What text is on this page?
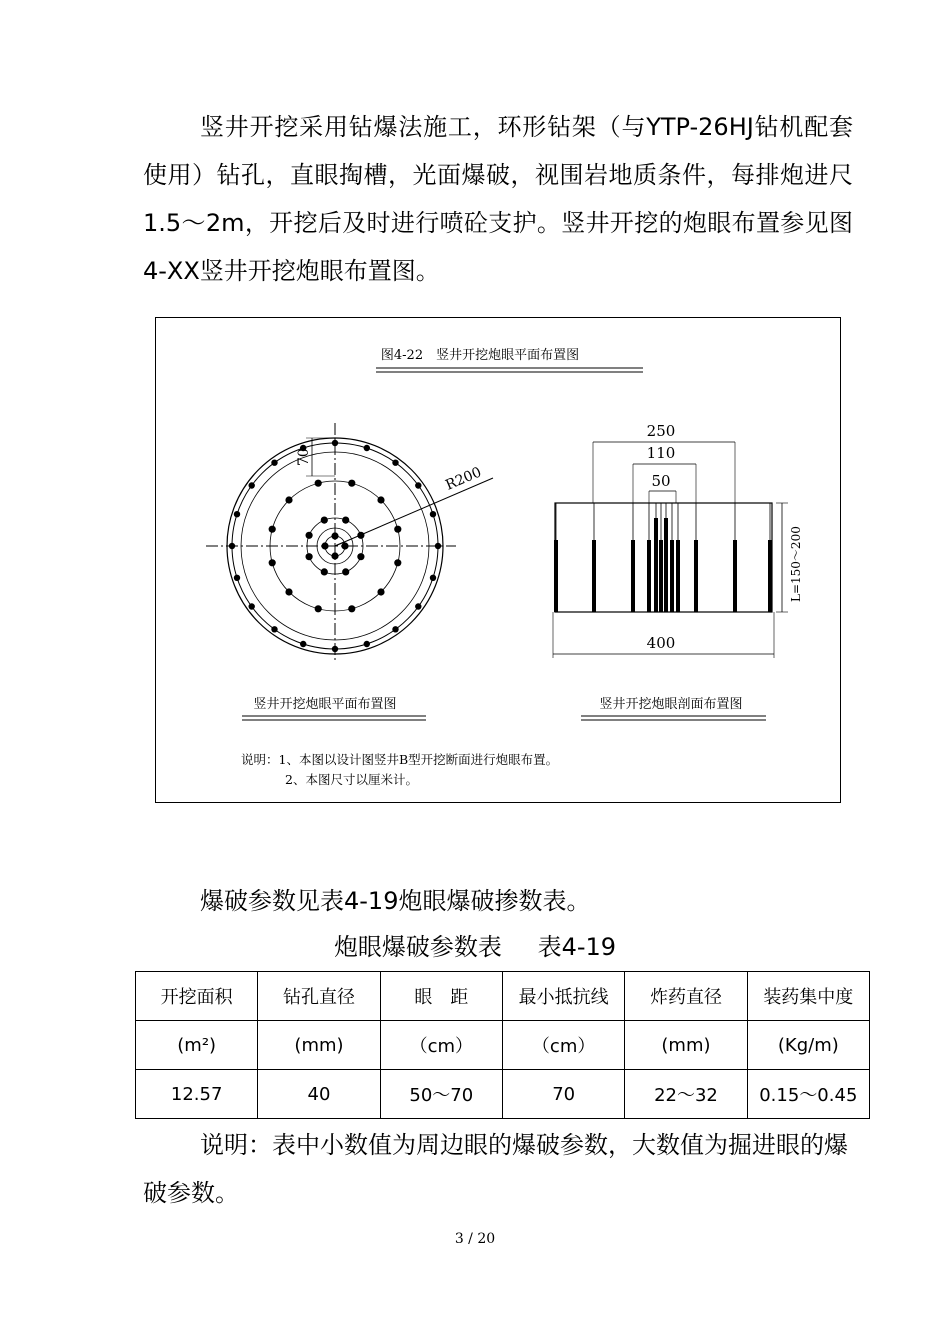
竖井开挖采用钻爆法施工，环形钻架（与YTP-26HJ钻机配套使用）钻孔，直眼掏槽，光面爆破，视围岩地质条件，每排炮进尺1.5～2m，开挖后及时进行喷砼支护。竖井开挖的炮眼布置参见图4-XX竖井开挖炮眼布置图。

图4-22　竖井开挖炮眼平面布置图
R200
70
250
110
50
400
L=150～200
竖井开挖炮眼平面布置图	竖井开挖炮眼剖面布置图
说明：1、本图以设计图竖井B型开挖断面进行炮眼布置。
2、本图尺寸以厘米计。

爆破参数见表4-19炮眼爆破掺数表。

炮眼爆破参数表 表4-19
开挖面积	钻孔直径	眼　距	最小抵抗线	炸药直径	装药集中度
(m²)	(mm)	（cm）	（cm）	(mm)	(Kg/m)
12.57	40	50～70	70	22～32	0.15～0.45

说明：表中小数值为周边眼的爆破参数，大数值为掘进眼的爆破参数。

3 / 20
